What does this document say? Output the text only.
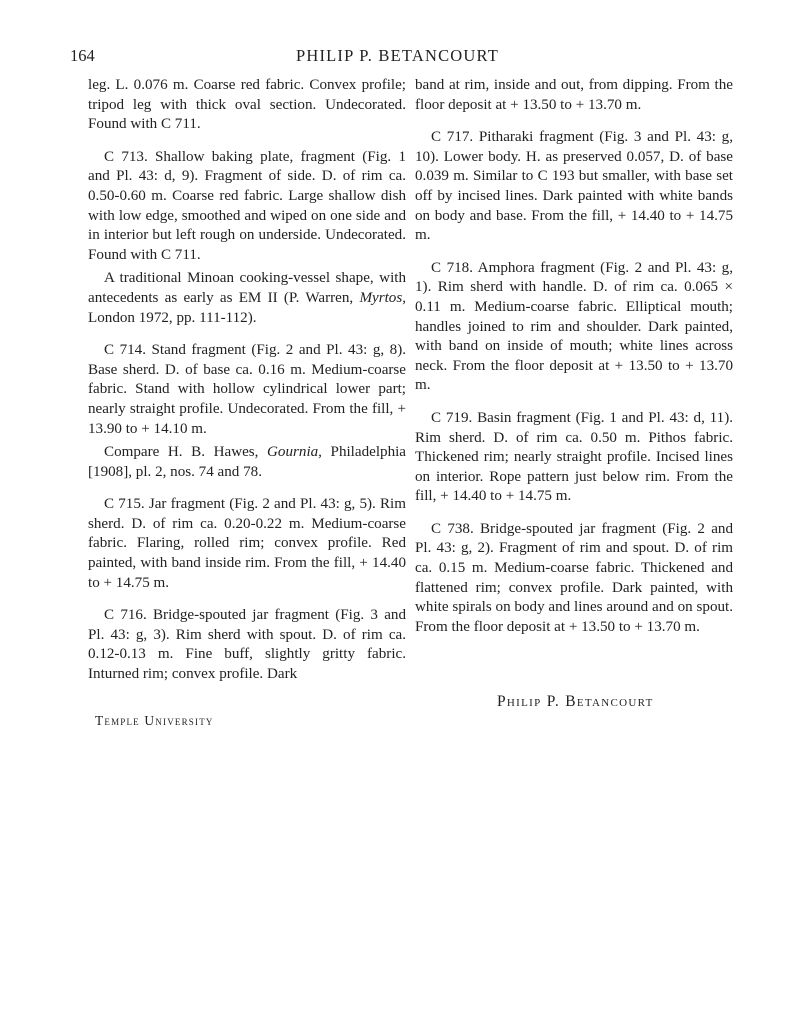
164	PHILIP P. BETANCOURT

leg. L. 0.076 m. Coarse red fabric. Convex profile; tripod leg with thick oval section. Undecorated. Found with C 711.

C 713. Shallow baking plate, fragment (Fig. 1 and Pl. 43: d, 9). Fragment of side. D. of rim ca. 0.50-0.60 m. Coarse red fabric. Large shallow dish with low edge, smoothed and wiped on one side and in interior but left rough on underside. Undecorated. Found with C 711.

A traditional Minoan cooking-vessel shape, with antecedents as early as EM II (P. Warren, Myrtos, London 1972, pp. 111-112).

C 714. Stand fragment (Fig. 2 and Pl. 43: g, 8). Base sherd. D. of base ca. 0.16 m. Medium-coarse fabric. Stand with hollow cylindrical lower part; nearly straight profile. Undecorated. From the fill, + 13.90 to + 14.10 m.

Compare H. B. Hawes, Gournia, Philadelphia [1908], pl. 2, nos. 74 and 78.

C 715. Jar fragment (Fig. 2 and Pl. 43: g, 5). Rim sherd. D. of rim ca. 0.20-0.22 m. Medium-coarse fabric. Flaring, rolled rim; convex profile. Red painted, with band inside rim. From the fill, + 14.40 to + 14.75 m.

C 716. Bridge-spouted jar fragment (Fig. 3 and Pl. 43: g, 3). Rim sherd with spout. D. of rim ca. 0.12-0.13 m. Fine buff, slightly gritty fabric. Inturned rim; convex profile. Dark

band at rim, inside and out, from dipping. From the floor deposit at + 13.50 to + 13.70 m.

C 717. Pitharaki fragment (Fig. 3 and Pl. 43: g, 10). Lower body. H. as preserved 0.057, D. of base 0.039 m. Similar to C 193 but smaller, with base set off by incised lines. Dark painted with white bands on body and base. From the fill, + 14.40 to + 14.75 m.

C 718. Amphora fragment (Fig. 2 and Pl. 43: g, 1). Rim sherd with handle. D. of rim ca. 0.065 × 0.11 m. Medium-coarse fabric. Elliptical mouth; handles joined to rim and shoulder. Dark painted, with band on inside of mouth; white lines across neck. From the floor deposit at + 13.50 to + 13.70 m.

C 719. Basin fragment (Fig. 1 and Pl. 43: d, 11). Rim sherd. D. of rim ca. 0.50 m. Pithos fabric. Thickened rim; nearly straight profile. Incised lines on interior. Rope pattern just below rim. From the fill, + 14.40 to + 14.75 m.

C 738. Bridge-spouted jar fragment (Fig. 2 and Pl. 43: g, 2). Fragment of rim and spout. D. of rim ca. 0.15 m. Medium-coarse fabric. Thickened and flattened rim; convex profile. Dark painted, with white spirals on body and lines around and on spout. From the floor deposit at + 13.50 to + 13.70 m.

Philip P. Betancourt
Temple University
